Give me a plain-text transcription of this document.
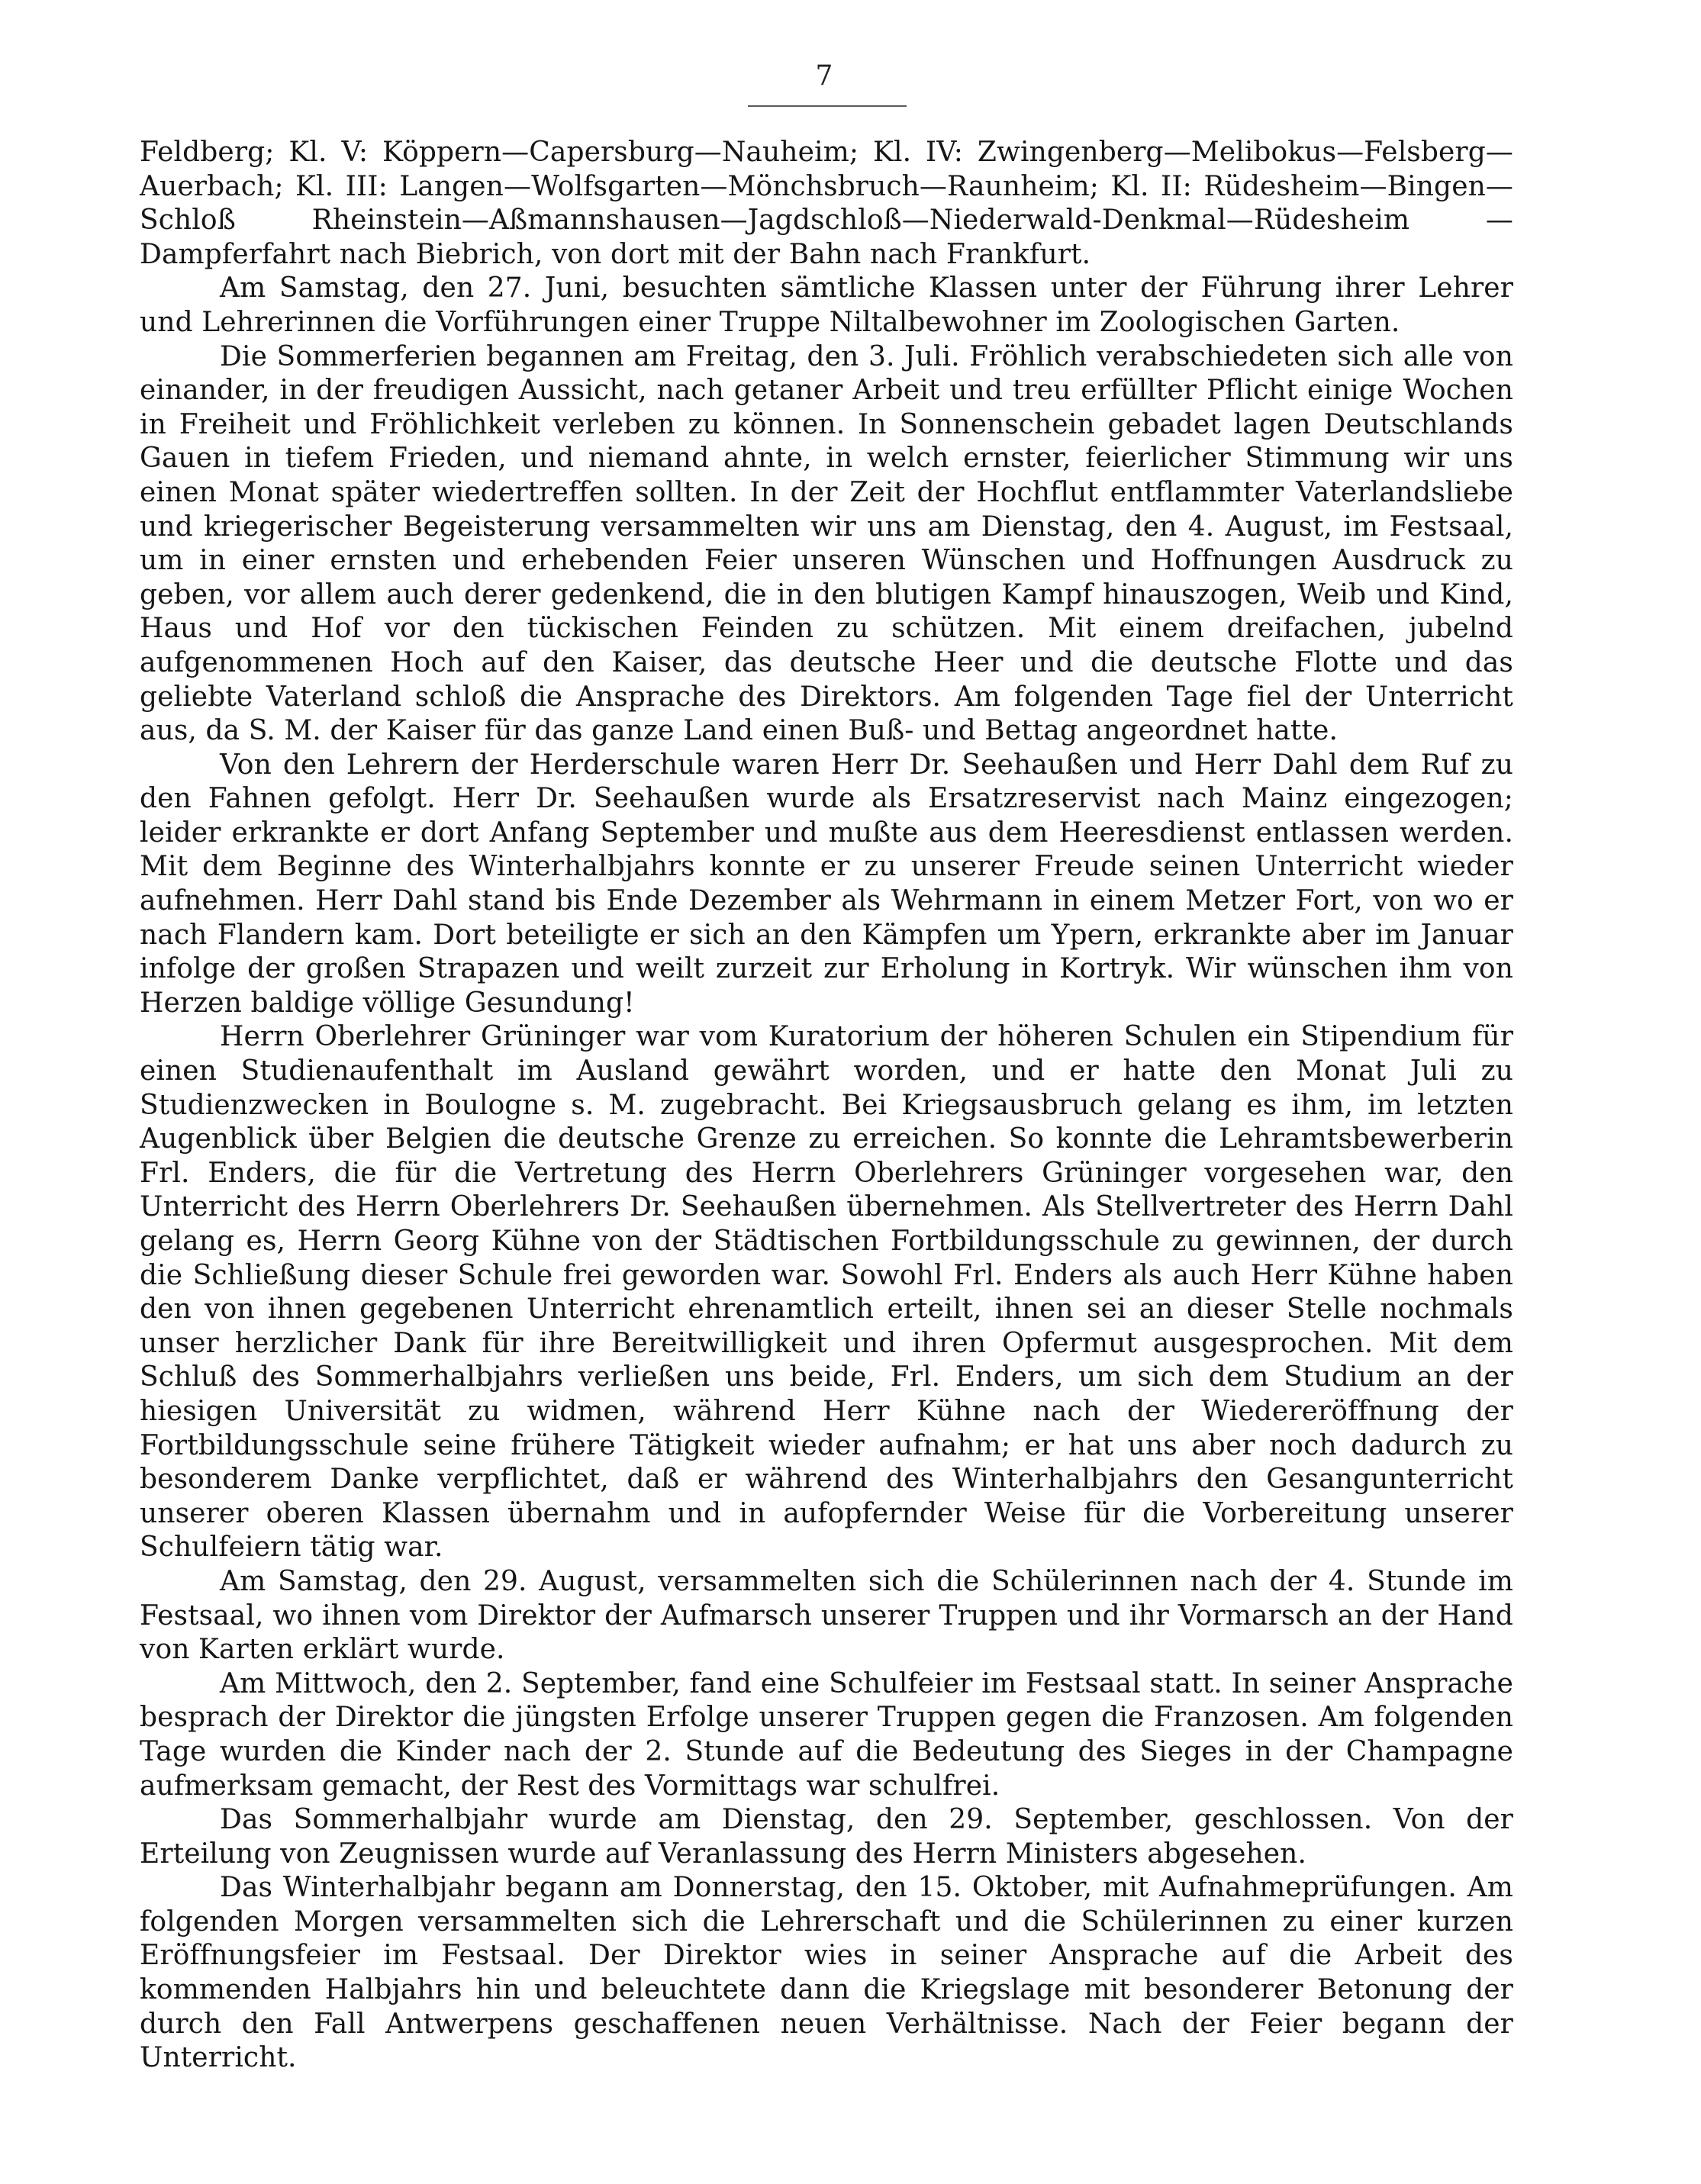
7

Feldberg; Kl. V: Köppern—Capersburg—Nauheim; Kl. IV: Zwingenberg—Melibokus—Felsberg—Auerbach; Kl. III: Langen—Wolfsgarten—Mönchsbruch—Raunheim; Kl. II: Rüdesheim—Bingen—Schloß Rheinstein—Aßmannshausen—Jagdschloß—Niederwald-Denkmal—Rüdesheim — Dampferfahrt nach Biebrich, von dort mit der Bahn nach Frankfurt.

Am Samstag, den 27. Juni, besuchten sämtliche Klassen unter der Führung ihrer Lehrer und Lehrerinnen die Vorführungen einer Truppe Niltalbewohner im Zoologischen Garten.

Die Sommerferien begannen am Freitag, den 3. Juli. Fröhlich verabschiedeten sich alle von einander, in der freudigen Aussicht, nach getaner Arbeit und treu erfüllter Pflicht einige Wochen in Freiheit und Fröhlichkeit verleben zu können. In Sonnenschein gebadet lagen Deutschlands Gauen in tiefem Frieden, und niemand ahnte, in welch ernster, feierlicher Stimmung wir uns einen Monat später wiedertreffen sollten. In der Zeit der Hochflut entflammter Vaterlandsliebe und kriegerischer Begeisterung versammelten wir uns am Dienstag, den 4. August, im Festsaal, um in einer ernsten und erhebenden Feier unseren Wünschen und Hoffnungen Ausdruck zu geben, vor allem auch derer gedenkend, die in den blutigen Kampf hinauszogen, Weib und Kind, Haus und Hof vor den tückischen Feinden zu schützen. Mit einem dreifachen, jubelnd aufgenommenen Hoch auf den Kaiser, das deutsche Heer und die deutsche Flotte und das geliebte Vaterland schloß die Ansprache des Direktors. Am folgenden Tage fiel der Unterricht aus, da S. M. der Kaiser für das ganze Land einen Buß- und Bettag angeordnet hatte.

Von den Lehrern der Herderschule waren Herr Dr. Seehaußen und Herr Dahl dem Ruf zu den Fahnen gefolgt. Herr Dr. Seehaußen wurde als Ersatzreservist nach Mainz eingezogen; leider erkrankte er dort Anfang September und mußte aus dem Heeresdienst entlassen werden. Mit dem Beginne des Winterhalbjahrs konnte er zu unserer Freude seinen Unterricht wieder aufnehmen. Herr Dahl stand bis Ende Dezember als Wehrmann in einem Metzer Fort, von wo er nach Flandern kam. Dort beteiligte er sich an den Kämpfen um Ypern, erkrankte aber im Januar infolge der großen Strapazen und weilt zurzeit zur Erholung in Kortryk. Wir wünschen ihm von Herzen baldige völlige Gesundung!

Herrn Oberlehrer Grüninger war vom Kuratorium der höheren Schulen ein Stipendium für einen Studienaufenthalt im Ausland gewährt worden, und er hatte den Monat Juli zu Studienzwecken in Boulogne s. M. zugebracht. Bei Kriegsausbruch gelang es ihm, im letzten Augenblick über Belgien die deutsche Grenze zu erreichen. So konnte die Lehramtsbewerberin Frl. Enders, die für die Vertretung des Herrn Oberlehrers Grüninger vorgesehen war, den Unterricht des Herrn Oberlehrers Dr. Seehaußen übernehmen. Als Stellvertreter des Herrn Dahl gelang es, Herrn Georg Kühne von der Städtischen Fortbildungsschule zu gewinnen, der durch die Schließung dieser Schule frei geworden war. Sowohl Frl. Enders als auch Herr Kühne haben den von ihnen gegebenen Unterricht ehrenamtlich erteilt, ihnen sei an dieser Stelle nochmals unser herzlicher Dank für ihre Bereitwilligkeit und ihren Opfermut ausgesprochen. Mit dem Schluß des Sommerhalbjahrs verließen uns beide, Frl. Enders, um sich dem Studium an der hiesigen Universität zu widmen, während Herr Kühne nach der Wiedereröffnung der Fortbildungsschule seine frühere Tätigkeit wieder aufnahm; er hat uns aber noch dadurch zu besonderem Danke verpflichtet, daß er während des Winterhalbjahrs den Gesangunterricht unserer oberen Klassen übernahm und in aufopfernder Weise für die Vorbereitung unserer Schulfeiern tätig war.

Am Samstag, den 29. August, versammelten sich die Schülerinnen nach der 4. Stunde im Festsaal, wo ihnen vom Direktor der Aufmarsch unserer Truppen und ihr Vormarsch an der Hand von Karten erklärt wurde.

Am Mittwoch, den 2. September, fand eine Schulfeier im Festsaal statt. In seiner Ansprache besprach der Direktor die jüngsten Erfolge unserer Truppen gegen die Franzosen. Am folgenden Tage wurden die Kinder nach der 2. Stunde auf die Bedeutung des Sieges in der Champagne aufmerksam gemacht, der Rest des Vormittags war schulfrei.

Das Sommerhalbjahr wurde am Dienstag, den 29. September, geschlossen. Von der Erteilung von Zeugnissen wurde auf Veranlassung des Herrn Ministers abgesehen.

Das Winterhalbjahr begann am Donnerstag, den 15. Oktober, mit Aufnahmeprüfungen. Am folgenden Morgen versammelten sich die Lehrerschaft und die Schülerinnen zu einer kurzen Eröffnungsfeier im Festsaal. Der Direktor wies in seiner Ansprache auf die Arbeit des kommenden Halbjahrs hin und beleuchtete dann die Kriegslage mit besonderer Betonung der durch den Fall Antwerpens geschaffenen neuen Verhältnisse. Nach der Feier begann der Unterricht.
